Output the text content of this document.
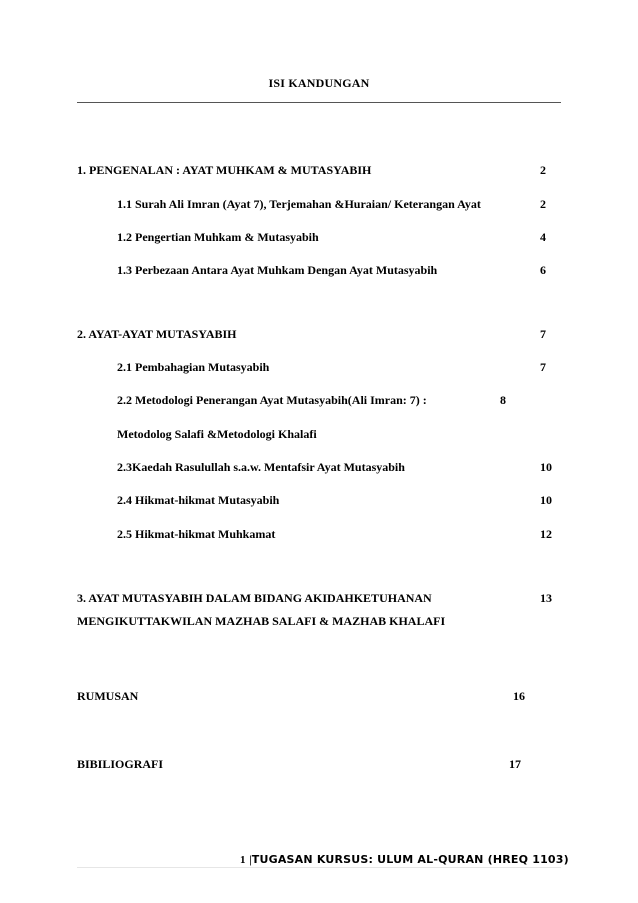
ISI KANDUNGAN
1. PENGENALAN : AYAT MUHKAM & MUTASYABIH	2
1.1 Surah Ali Imran (Ayat 7), Terjemahan &Huraian/ Keterangan Ayat	2
1.2 Pengertian Muhkam & Mutasyabih	4
1.3 Perbezaan Antara Ayat Muhkam Dengan Ayat Mutasyabih	6
2. AYAT-AYAT MUTASYABIH	7
2.1 Pembahagian Mutasyabih	7
2.2 Metodologi Penerangan Ayat Mutasyabih(Ali Imran: 7) :	8
Metodolog Salafi &Metodologi Khalafi
2.3Kaedah Rasulullah s.a.w. Mentafsir Ayat Mutasyabih	10
2.4 Hikmat-hikmat Mutasyabih	10
2.5 Hikmat-hikmat Muhkamat	12
3. AYAT MUTASYABIH DALAM BIDANG AKIDAHKETUHANAN	13
MENGIKUTTAKWILAN MAZHAB SALAFI & MAZHAB KHALAFI
RUMUSAN	16
BIBILIOGRAFI	17
1 |TUGASAN KURSUS: ULUM AL-QURAN (HREQ 1103)
